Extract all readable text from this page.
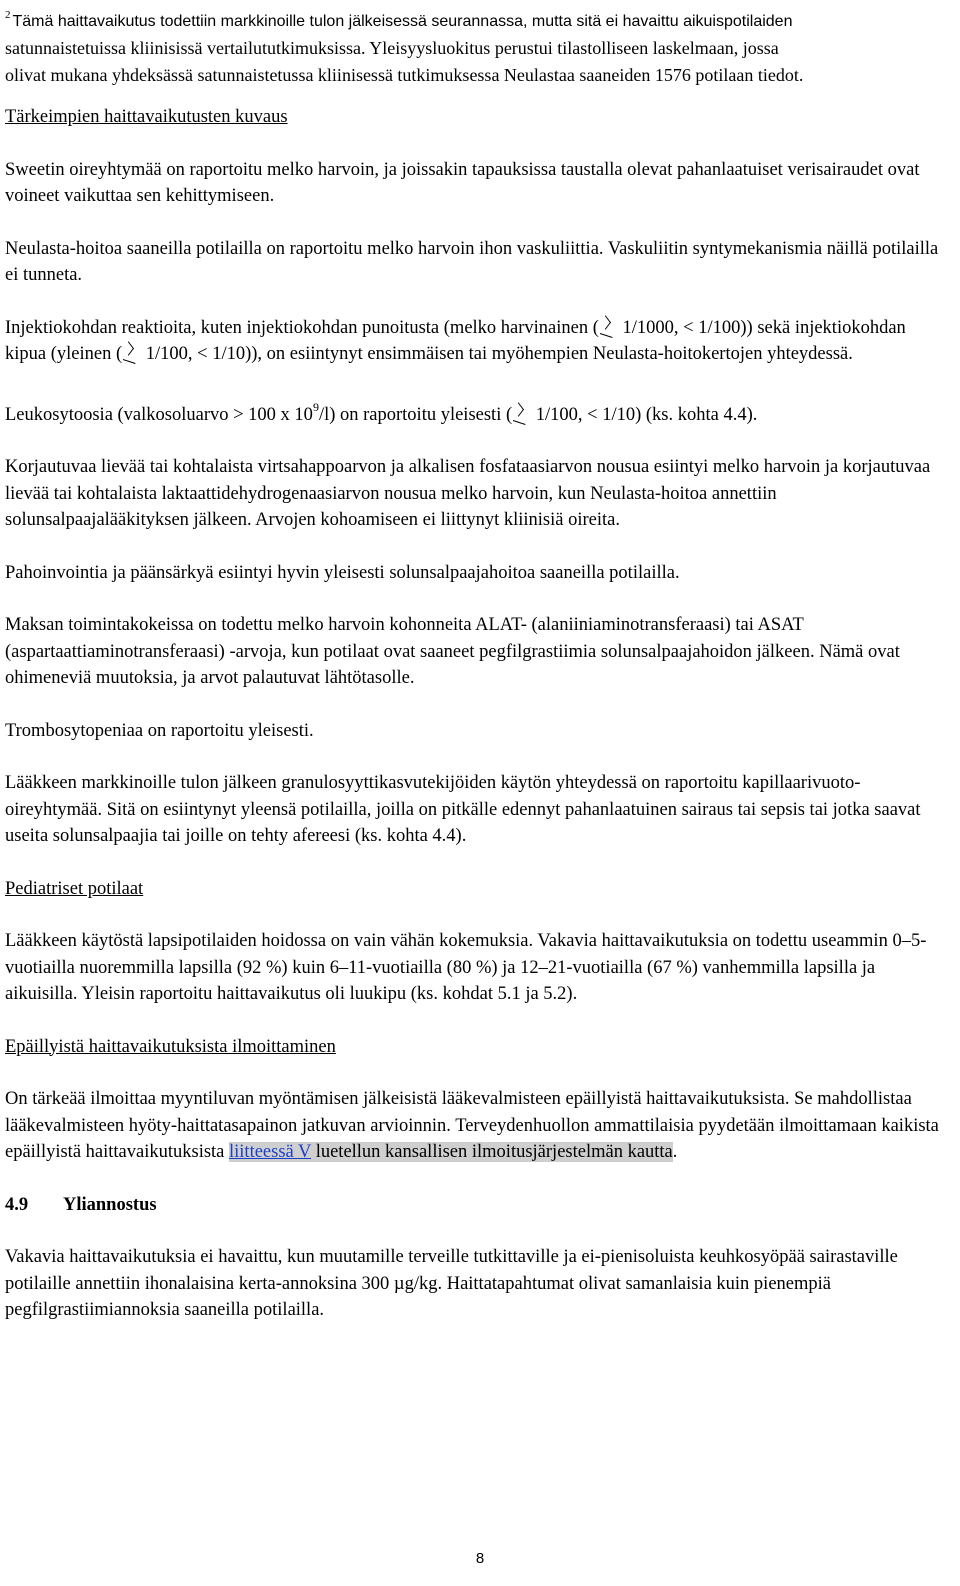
$^2$ Tämä haittavaikutus todettiin markkinoille tulon jälkeisessä seurannassa, mutta sitä ei havaittu aikuispotilaiden
satunnaistetuissa kliinisissä vertailututkimuksissa. Yleisyysluokitus perustui tilastolliseen laskelmaan, jossa
olivat mukana yhdeksässä satunnaistetussa kliinisessä tutkimuksessa Neulastaa saaneiden 1576 potilaan tiedot.

Tärkeimpien haittavaikutusten kuvaus

Sweetin oireyhtymää on raportoitu melko harvoin, ja joissakin tapauksissa taustalla olevat pahanlaatuiset verisairaudet ovat voineet vaikuttaa sen kehittymiseen.

Neulasta-hoitoa saaneilla potilailla on raportoitu melko harvoin ihon vaskuliittia. Vaskuliitin syntymekanismia näillä potilailla ei tunneta.

Injektiokohdan reaktioita, kuten injektiokohdan punoitusta (melko harvinainen ( 1/1000, < 1/100)) sekä injektiokohdan kipua (yleinen ( 1/100, < 1/10)), on esiintynyt ensimmäisen tai myöhempien Neulasta-hoitokertojen yhteydessä.

Leukosytoosia (valkosoluarvo > 100 x $10^9/l$) on raportoitu yleisesti ( 1/100, < 1/10) (ks. kohta 4.4).

Korjautuvaa lievää tai kohtalaista virtsahappoarvon ja alkalisen fosfataasiarvon nousua esiintyi melko harvoin ja korjautuvaa lievää tai kohtalaista laktaattidehydrogenaasiarvon nousua melko harvoin, kun Neulasta-hoitoa annettiin solunsalpaajalääkityksen jälkeen. Arvojen kohoamiseen ei liittynyt kliinisiä oireita.

Pahoinvointia ja päänsärkyä esiintyi hyvin yleisesti solunsalpaajahoitoa saaneilla potilailla.

Maksan toimintakokeissa on todettu melko harvoin kohonneita ALAT- (alaniiniaminotransferaasi) tai ASAT (aspartaattiaminotransferaasi) -arvoja, kun potilaat ovat saaneet pegfilgrastiimia solunsalpaajahoidon jälkeen. Nämä ovat ohimeneviä muutoksia, ja arvot palautuvat lähtötasolle.

Trombosytopeniaa on raportoitu yleisesti.

Lääkkeen markkinoille tulon jälkeen granulosyyttikasvutekijöiden käytön yhteydessä on raportoitu kapillaarivuoto-oireyhtymää. Sitä on esiintynyt yleensä potilailla, joilla on pitkälle edennyt pahanlaatuinen sairaus tai sepsis tai jotka saavat useita solunsalpaajia tai joille on tehty afereesi (ks. kohta 4.4).

Pediatriset potilaat

Lääkkeen käytöstä lapsipotilaiden hoidossa on vain vähän kokemuksia. Vakavia haittavaikutuksia on todettu useammin 0–5-vuotiailla nuoremmilla lapsilla (92 %) kuin 6–11-vuotiailla (80 %) ja 12–21-vuotiailla (67 %) vanhemmilla lapsilla ja aikuisilla. Yleisin raportoitu haittavaikutus oli luukipu (ks. kohdat 5.1 ja 5.2).

Epäillyistä haittavaikutuksista ilmoittaminen

On tärkeää ilmoittaa myyntiluvan myöntämisen jälkeisistä lääkevalmisteen epäillyistä haittavaikutuksista. Se mahdollistaa lääkevalmisteen hyöty-haittatasapainon jatkuvan arvioinnin. Terveydenhuollon ammattilaisia pyydetään ilmoittamaan kaikista epäillyistä haittavaikutuksista liitteessä V luetellun kansallisen ilmoitusjärjestelmän kautta.

4.9 Yliannostus

Vakavia haittavaikutuksia ei havaittu, kun muutamille terveille tutkittaville ja ei-pienisoluista keuhkosyöpää sairastaville potilaille annettiin ihonalaisina kerta-annoksina 300 µg/kg. Haittatapahtumat olivat samanlaisia kuin pienempiä pegfilgrastiimiannoksia saaneilla potilailla.

8
